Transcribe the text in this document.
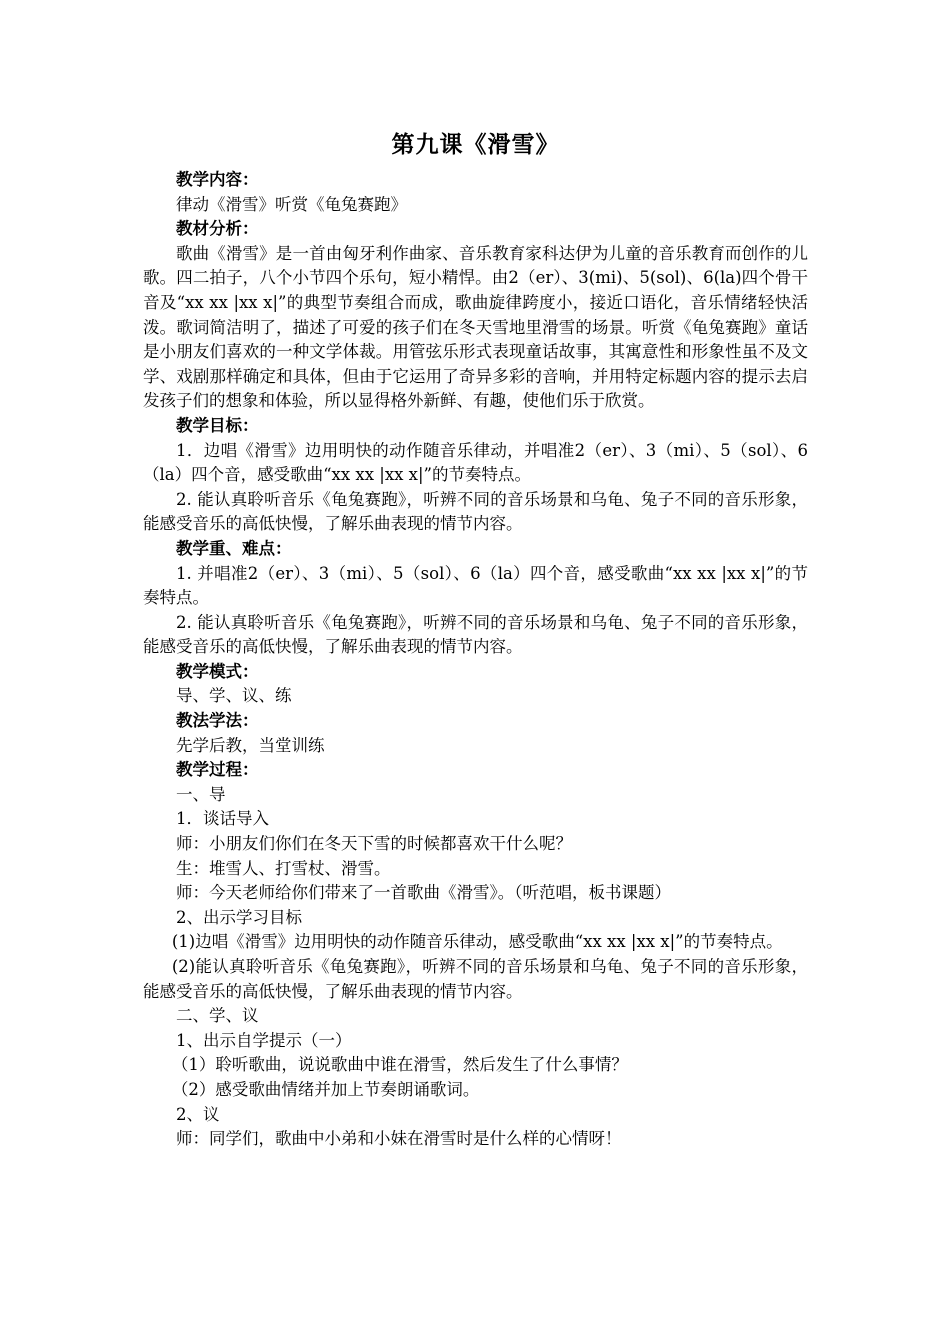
第九课《滑雪》

教学内容：

律动《滑雪》听赏《龟兔赛跑》

教材分析：

歌曲《滑雪》是一首由匈牙利作曲家、音乐教育家科达伊为儿童的音乐教育而创作的儿歌。四二拍子，八个小节四个乐句，短小精悍。由2（er）、3(mi)、5(sol)、6(la)四个骨干音及“xx xx |xx x|”的典型节奏组合而成，歌曲旋律跨度小，接近口语化，音乐情绪轻快活泼。歌词简洁明了，描述了可爱的孩子们在冬天雪地里滑雪的场景。听赏《龟兔赛跑》童话是小朋友们喜欢的一种文学体裁。用管弦乐形式表现童话故事，其寓意性和形象性虽不及文学、戏剧那样确定和具体，但由于它运用了奇异多彩的音响，并用特定标题内容的提示去启发孩子们的想象和体验，所以显得格外新鲜、有趣，使他们乐于欣赏。

教学目标：

1．边唱《滑雪》边用明快的动作随音乐律动，并唱准2（er）、3（mi）、5（sol）、6（la）四个音，感受歌曲“xx xx |xx x|”的节奏特点。

2. 能认真聆听音乐《龟兔赛跑》，听辨不同的音乐场景和乌龟、兔子不同的音乐形象，能感受音乐的高低快慢，了解乐曲表现的情节内容。

教学重、难点：

1. 并唱准2（er）、3（mi）、5（sol）、6（la）四个音，感受歌曲“xx xx |xx x|”的节奏特点。

2. 能认真聆听音乐《龟兔赛跑》，听辨不同的音乐场景和乌龟、兔子不同的音乐形象，能感受音乐的高低快慢，了解乐曲表现的情节内容。

教学模式：

导、学、议、练

教法学法：

先学后教，当堂训练

教学过程：

一、导

1．谈话导入

师：小朋友们你们在冬天下雪的时候都喜欢干什么呢？

生：堆雪人、打雪杖、滑雪。

师：今天老师给你们带来了一首歌曲《滑雪》。（听范唱，板书课题）

2、出示学习目标

(1)边唱《滑雪》边用明快的动作随音乐律动，感受歌曲“xx xx |xx x|”的节奏特点。

(2)能认真聆听音乐《龟兔赛跑》，听辨不同的音乐场景和乌龟、兔子不同的音乐形象，能感受音乐的高低快慢，了解乐曲表现的情节内容。

二、学、议

1、出示自学提示（一）

（1）聆听歌曲，说说歌曲中谁在滑雪，然后发生了什么事情？

（2）感受歌曲情绪并加上节奏朗诵歌词。

2、议

师：同学们，歌曲中小弟和小妹在滑雪时是什么样的心情呀！
